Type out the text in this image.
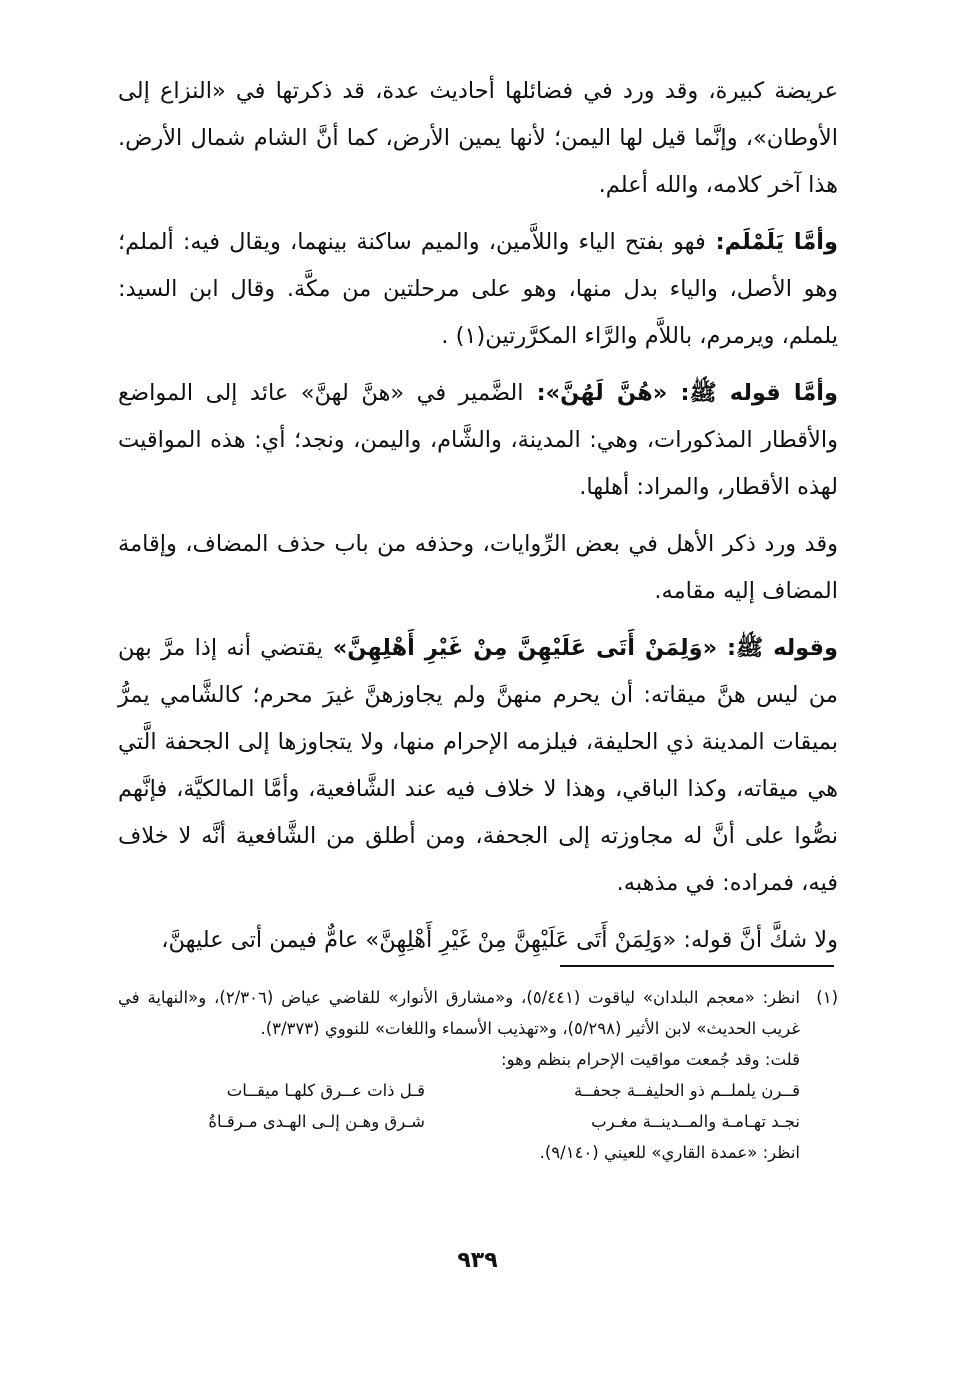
عريضة كبيرة، وقد ورد في فضائلها أحاديث عدة، قد ذكرتها في «النزاع إلى الأوطان»، وإنَّما قيل لها اليمن؛ لأنها يمين الأرض، كما أنَّ الشام شمال الأرض. هذا آخر كلامه، والله أعلم.

وأمَّا يَلَمْلَم: فهو بفتح الياء واللاَّمين، والميم ساكنة بينهما، ويقال فيه: ألملم؛ وهو الأصل، والياء بدل منها، وهو على مرحلتين من مكَّة. وقال ابن السيد: يلملم، ويرمرم، باللاَّم والرَّاء المكرَّرتين(١) .

وأمَّا قوله ﷺ: «هُنَّ لَهُنَّ»: الضَّمير في «هنَّ لهنَّ» عائد إلى المواضع والأقطار المذكورات، وهي: المدينة، والشَّام، واليمن، ونجد؛ أي: هذه المواقيت لهذه الأقطار، والمراد: أهلها.

وقد ورد ذكر الأهل في بعض الرِّوايات، وحذفه من باب حذف المضاف، وإقامة المضاف إليه مقامه.

وقوله ﷺ: «وَلِمَنْ أَتَى عَلَيْهِنَّ مِنْ غَيْرِ أَهْلِهِنَّ» يقتضي أنه إذا مرَّ بهن من ليس هنَّ ميقاته: أن يحرم منهنَّ ولم يجاوزهنَّ غيرَ محرم؛ كالشَّامي يمرُّ بميقات المدينة ذي الحليفة، فيلزمه الإحرام منها، ولا يتجاوزها إلى الجحفة الَّتي هي ميقاته، وكذا الباقي، وهذا لا خلاف فيه عند الشَّافعية، وأمَّا المالكيَّة، فإنَّهم نصُّوا على أنَّ له مجاوزته إلى الجحفة، ومن أطلق من الشَّافعية أنَّه لا خلاف فيه، فمراده: في مذهبه.

ولا شكَّ أنَّ قوله: «وَلِمَنْ أَتَى عَلَيْهِنَّ مِنْ غَيْرِ أَهْلِهِنَّ» عامٌّ فيمن أتى عليهنَّ،

(١)
انظر: «معجم البلدان» لياقوت (٥/٤٤١)، و«مشارق الأنوار» للقاضي عياض (٢/٣٠٦)، و«النهاية في غريب الحديث» لابن الأثير (٥/٢٩٨)، و«تهذيب الأسماء واللغات» للنووي (٣/٣٧٣).
قلت: وقد جُمعت مواقيت الإحرام بنظم وهو:
قــرن يلملــم ذو الحليفــة جحفــة
قـل ذات عــرق كلهـا ميقــات
نجـد تهـامـة والمــدينــة مغـرب
شـرق وهـن إلـى الهـدى مـرقـاةُ
انظر: «عمدة القاري» للعيني (٩/١٤٠).
٩٣٩
